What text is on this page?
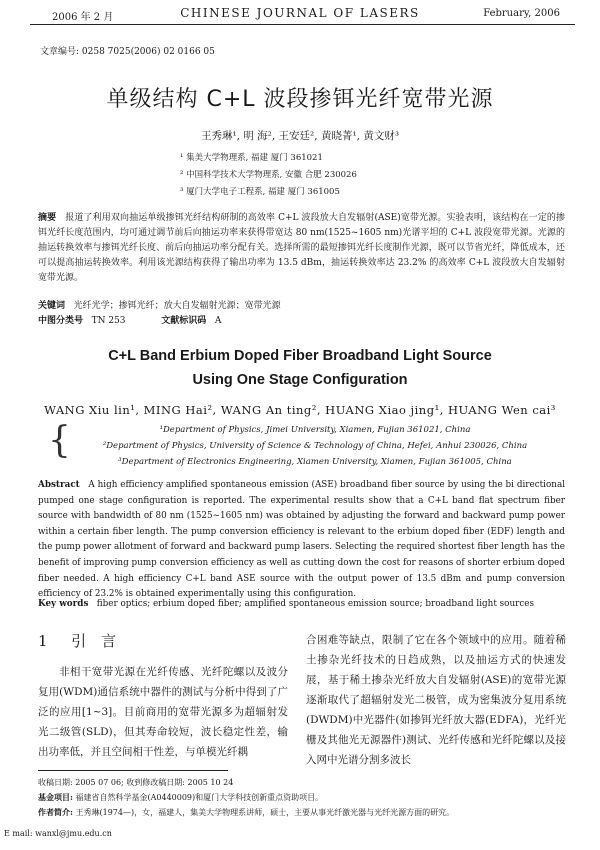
2006 年 2 月	CHINESE JOURNAL OF LASERS	February, 2006
文章编号: 0258 7025(2006) 02 0166 05
单级结构 C+L 波段掺铒光纤宽带光源
王秀琳¹, 明 海², 王安廷², 黄晓菁¹, 黄文财³
¹ 集美大学物理系, 福建 厦门 361021
² 中国科学技术大学物理系, 安徽 合肥 230026
³ 厦门大学电子工程系, 福建 厦门 361005
摘要 报道了利用双向抽运单级掺铒光纤结构研制的高效率 C+L 波段放大自发辐射(ASE)宽带光源。实验表明，该结构在一定的掺铒光纤长度范围内，均可通过调节前后向抽运功率来获得带宽达 80 nm(1525~1605 nm)光谱平坦的 C+L 波段宽带光源。光源的抽运转换效率与掺铒光纤长度、前后向抽运功率分配有关。选择所需的最短掺铒光纤长度制作光源，既可以节省光纤，降低成本，还可以提高抽运转换效率。利用该光源结构获得了输出功率为 13.5 dBm，抽运转换效率达 23.2% 的高效率 C+L 波段放大自发辐射宽带光源。
关键词 光纤光学；掺铒光纤；放大自发辐射光源；宽带光源
中图分类号 TN 253	文献标识码 A
C+L Band Erbium Doped Fiber Broadband Light Source
Using One Stage Configuration
WANG Xiu lin¹, MING Hai², WANG An ting², HUANG Xiao jing¹, HUANG Wen cai³
{	¹Department of Physics, Jimei University, Xiamen, Fujian 361021, China
²Department of Physics, University of Science & Technology of China, Hefei, Anhui 230026, China
³Department of Electronics Engineering, Xiamen University, Xiamen, Fujian 361005, China
Abstract A high efficiency amplified spontaneous emission (ASE) broadband fiber source by using the bi directional pumped one stage configuration is reported. The experimental results show that a C+L band flat spectrum fiber source with bandwidth of 80 nm (1525~1605 nm) was obtained by adjusting the forward and backward pump power within a certain fiber length. The pump conversion efficiency is relevant to the erbium doped fiber (EDF) length and the pump power allotment of forward and backward pump lasers. Selecting the required shortest fiber length has the benefit of improving pump conversion efficiency as well as cutting down the cost for reasons of shorter erbium doped fiber needed. A high efficiency C+L band ASE source with the output power of 13.5 dBm and pump conversion efficiency of 23.2% is obtained experimentally using this configuration.
Key words fiber optics; erbium doped fiber; amplified spontaneous emission source; broadband light sources
1 引　言
非相干宽带光源在光纤传感、光纤陀螺以及波分复用(WDM)通信系统中器件的测试与分析中得到了广泛的应用[1~3]。目前商用的宽带光源多为超辐射发光二级管(SLD)，但其寿命较短，波长稳定性差，输出功率低，并且空间相干性差，与单模光纤耦
合困难等缺点，限制了它在各个领域中的应用。随着稀土掺杂光纤技术的日趋成熟，以及抽运方式的快速发展，基于稀土掺杂光纤放大自发辐射(ASE)的宽带光源逐渐取代了超辐射发光二极管，成为密集波分复用系统(DWDM)中光器件(如掺铒光纤放大器(EDFA)，光纤光栅及其他光无源器件)测试、光纤传感和光纤陀螺以及接入网中光谱分割多波长
收稿日期: 2005 07 06; 收到修改稿日期: 2005 10 24
基金项目: 福建省自然科学基金(A0440009)和厦门大学科技创新重点资助项目。
作者简介: 王秀琳(1974—)，女，福建人，集美大学物理系讲师，硕士，主要从事光纤激光器与光纤光源方面的研究。
E mail: wanxl@jmu.edu.cn
